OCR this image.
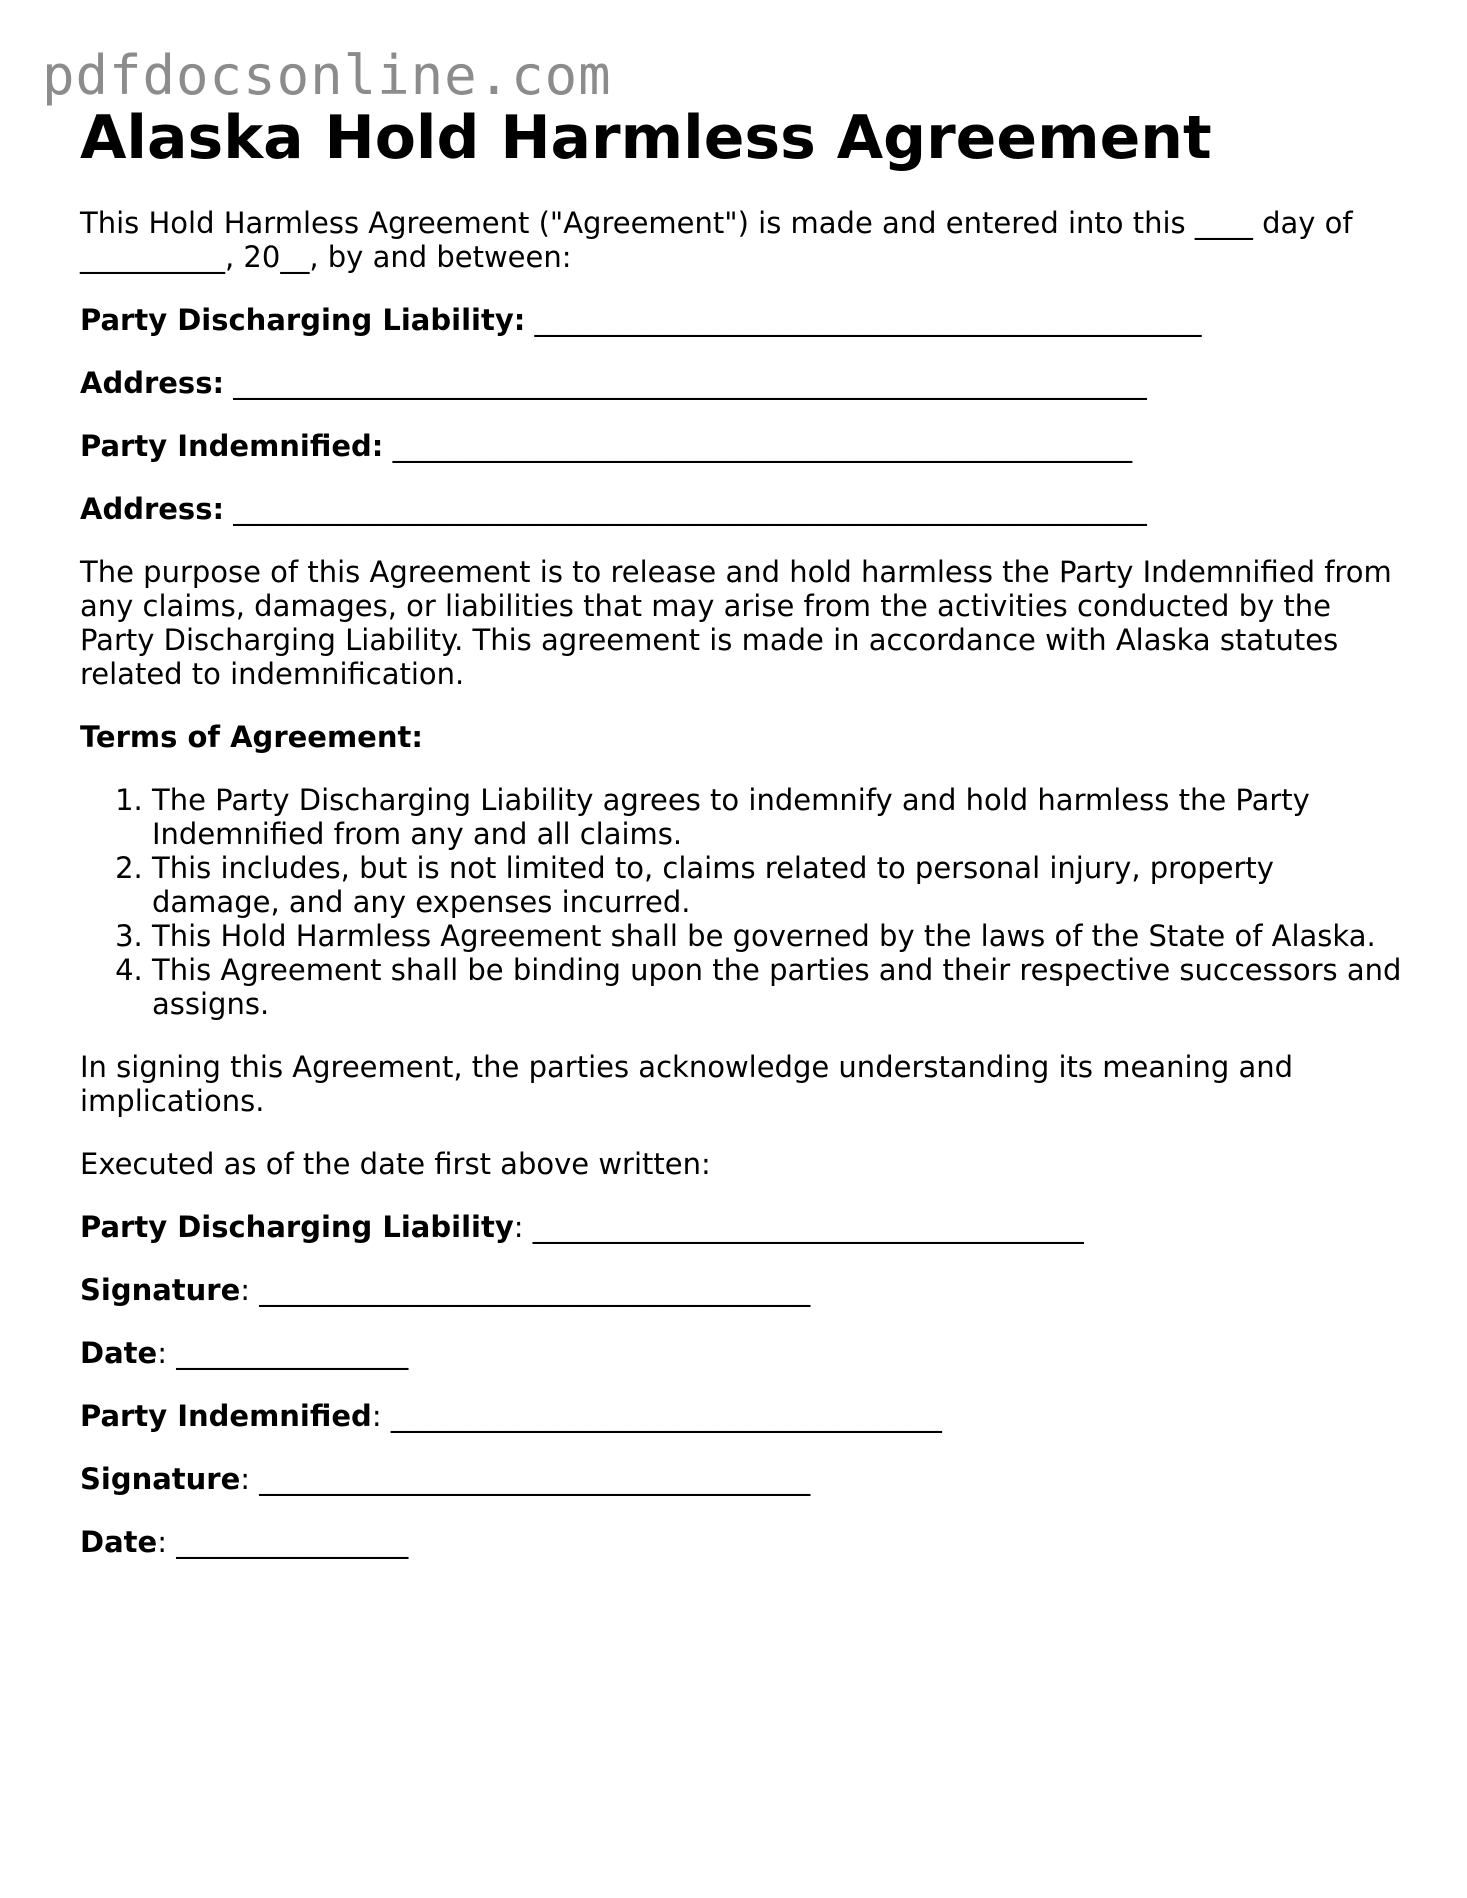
pdfdocsonline.com
Alaska Hold Harmless Agreement

This Hold Harmless Agreement ("Agreement") is made and entered into this ____ day of
__________, 20__, by and between:

Party Discharging Liability: ______________________________________________
Address: _______________________________________________________________
Party Indemnified: ___________________________________________________
Address: _______________________________________________________________

The purpose of this Agreement is to release and hold harmless the Party Indemnified from
any claims, damages, or liabilities that may arise from the activities conducted by the
Party Discharging Liability. This agreement is made in accordance with Alaska statutes
related to indemnification.

Terms of Agreement:
1. The Party Discharging Liability agrees to indemnify and hold harmless the Party
Indemnified from any and all claims.
2. This includes, but is not limited to, claims related to personal injury, property
damage, and any expenses incurred.
3. This Hold Harmless Agreement shall be governed by the laws of the State of Alaska.
4. This Agreement shall be binding upon the parties and their respective successors and
assigns.

In signing this Agreement, the parties acknowledge understanding its meaning and
implications.

Executed as of the date first above written:

Party Discharging Liability: ______________________________________
Signature: ______________________________________
Date: ________________
Party Indemnified: ______________________________________
Signature: ______________________________________
Date: ________________
